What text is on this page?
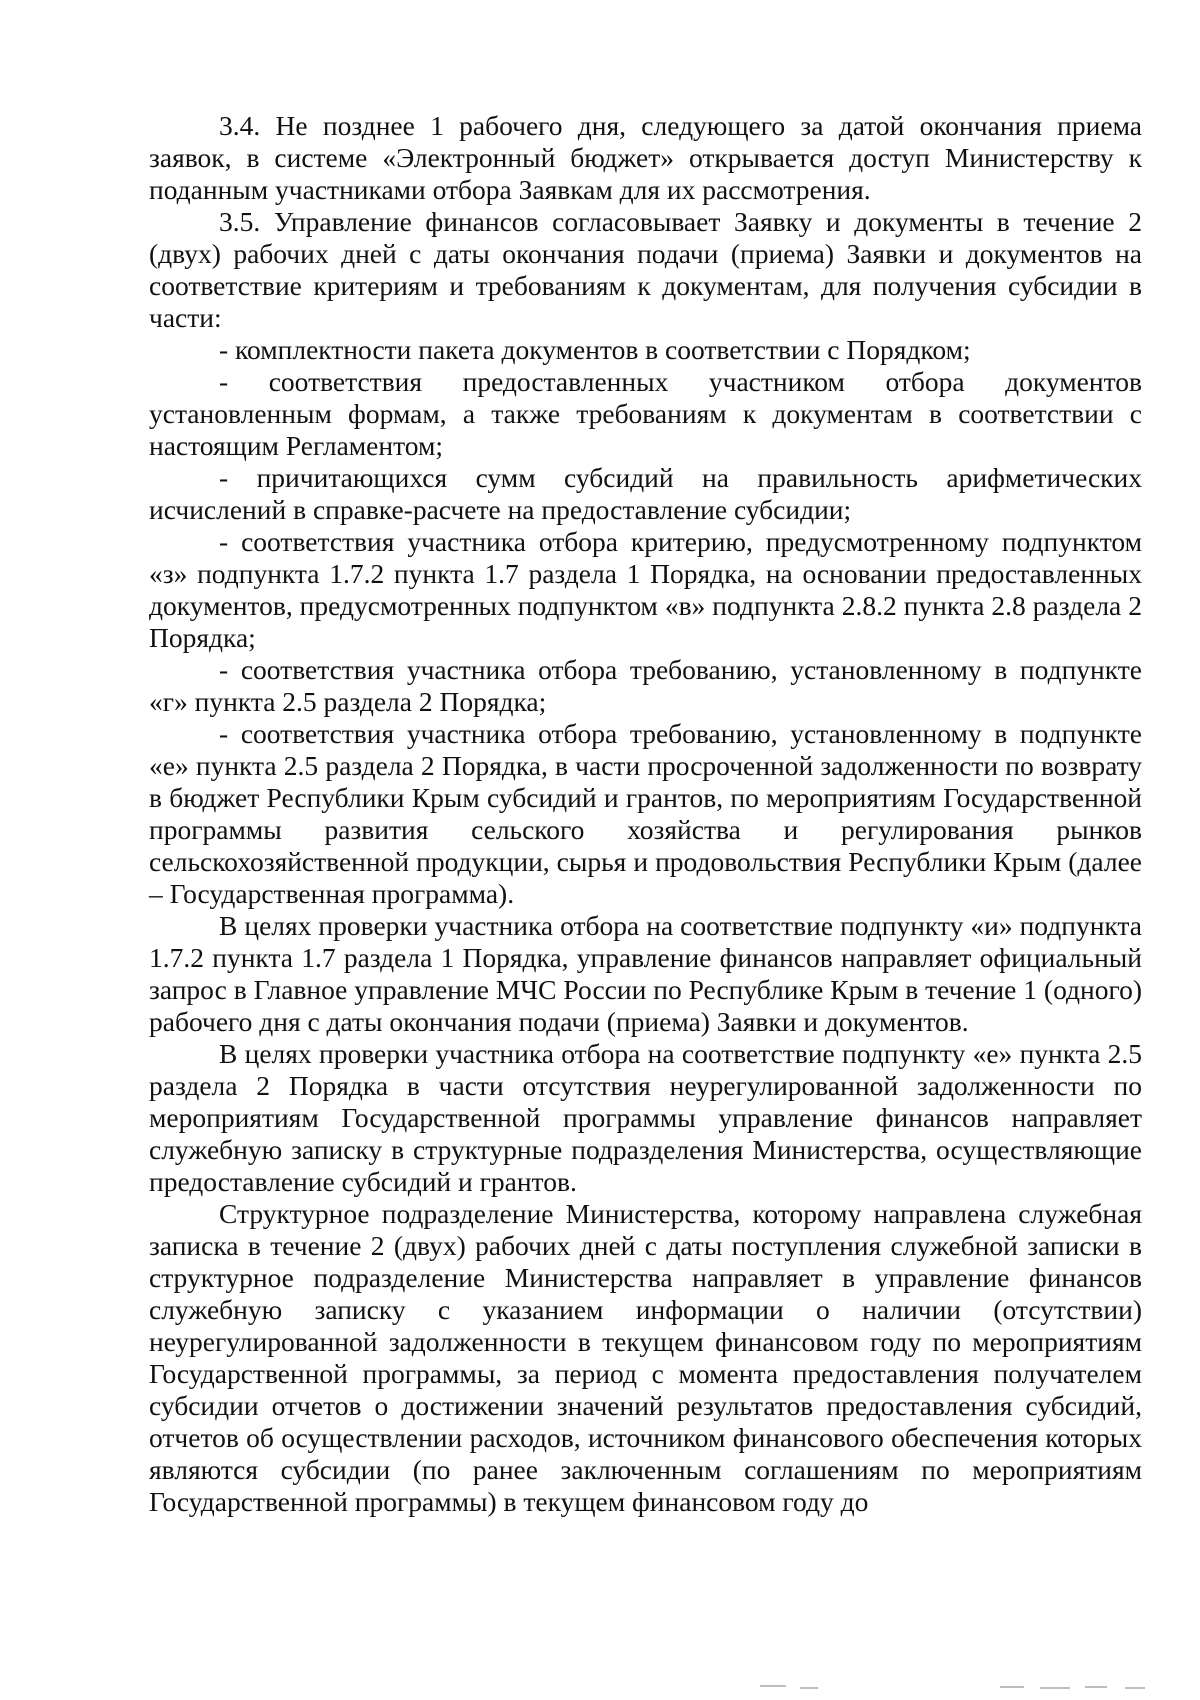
3.4. Не позднее 1 рабочего дня, следующего за датой окончания приема заявок, в системе «Электронный бюджет» открывается доступ Министерству к поданным участниками отбора Заявкам для их рассмотрения.

3.5. Управление финансов согласовывает Заявку и документы в течение 2 (двух) рабочих дней с даты окончания подачи (приема) Заявки и документов на соответствие критериям и требованиям к документам, для получения субсидии в части:

- комплектности пакета документов в соответствии с Порядком;

- соответствия предоставленных участником отбора документов установленным формам, а также требованиям к документам в соответствии с настоящим Регламентом;

- причитающихся сумм субсидий на правильность арифметических исчислений в справке-расчете на предоставление субсидии;

- соответствия участника отбора критерию, предусмотренному подпунктом «з» подпункта 1.7.2 пункта 1.7 раздела 1 Порядка, на основании предоставленных документов, предусмотренных подпунктом «в» подпункта 2.8.2 пункта 2.8 раздела 2 Порядка;

- соответствия участника отбора требованию, установленному в подпункте «г» пункта 2.5 раздела 2 Порядка;

- соответствия участника отбора требованию, установленному в подпункте «е» пункта 2.5 раздела 2 Порядка, в части просроченной задолженности по возврату в бюджет Республики Крым субсидий и грантов, по мероприятиям Государственной программы развития сельского хозяйства и регулирования рынков сельскохозяйственной продукции, сырья и продовольствия Республики Крым (далее – Государственная программа).

В целях проверки участника отбора на соответствие подпункту «и» подпункта 1.7.2 пункта 1.7 раздела 1 Порядка, управление финансов направляет официальный запрос в Главное управление МЧС России по Республике Крым в течение 1 (одного) рабочего дня с даты окончания подачи (приема) Заявки и документов.

В целях проверки участника отбора на соответствие подпункту «е» пункта 2.5 раздела 2 Порядка в части отсутствия неурегулированной задолженности по мероприятиям Государственной программы управление финансов направляет служебную записку в структурные подразделения Министерства, осуществляющие предоставление субсидий и грантов.

Структурное подразделение Министерства, которому направлена служебная записка в течение 2 (двух) рабочих дней с даты поступления служебной записки в структурное подразделение Министерства направляет в управление финансов служебную записку с указанием информации о наличии (отсутствии) неурегулированной задолженности в текущем финансовом году по мероприятиям Государственной программы, за период с момента предоставления получателем субсидии отчетов о достижении значений результатов предоставления субсидий, отчетов об осуществлении расходов, источником финансового обеспечения которых являются субсидии (по ранее заключенным соглашениям по мероприятиям Государственной программы) в текущем финансовом году до
